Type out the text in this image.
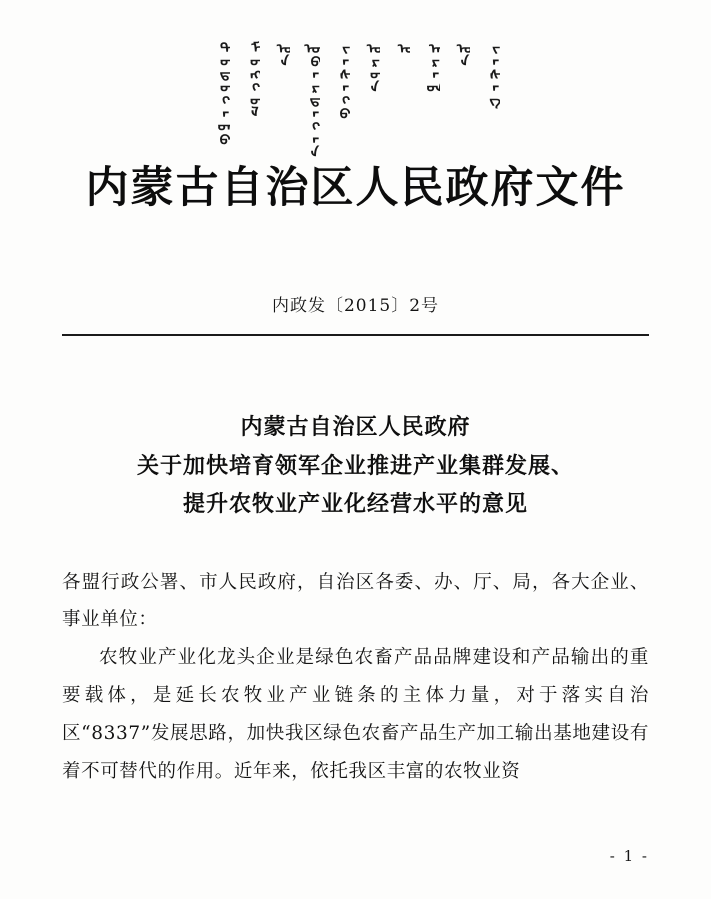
ᠳᠣᠲᠣᠭᠠᠳᠦ ᠮᠣᠩᠭᠣᠯ ᠤᠨ ᠥᠪᠡᠷᠲᠡᠭᠡᠨ ᠵᠠᠰᠠᠬᠤ ᠣᠷᠣᠨ ᠤ ᠠᠷᠠᠳ ᠤᠨ ᠵᠠᠰᠠᠭ
内蒙古自治区人民政府文件
内政发〔2015〕2号
内蒙古自治区人民政府
关于加快培育领军企业推进产业集群发展、
提升农牧业产业化经营水平的意见

各盟行政公署、市人民政府，自治区各委、办、厅、局，各大企业、事业单位：

农牧业产业化龙头企业是绿色农畜产品品牌建设和产品输出的重要载体，是延长农牧业产业链条的主体力量，对于落实自治区“8337”发展思路，加快我区绿色农畜产品生产加工输出基地建设有着不可替代的作用。近年来，依托我区丰富的农牧业资

- 1 -
